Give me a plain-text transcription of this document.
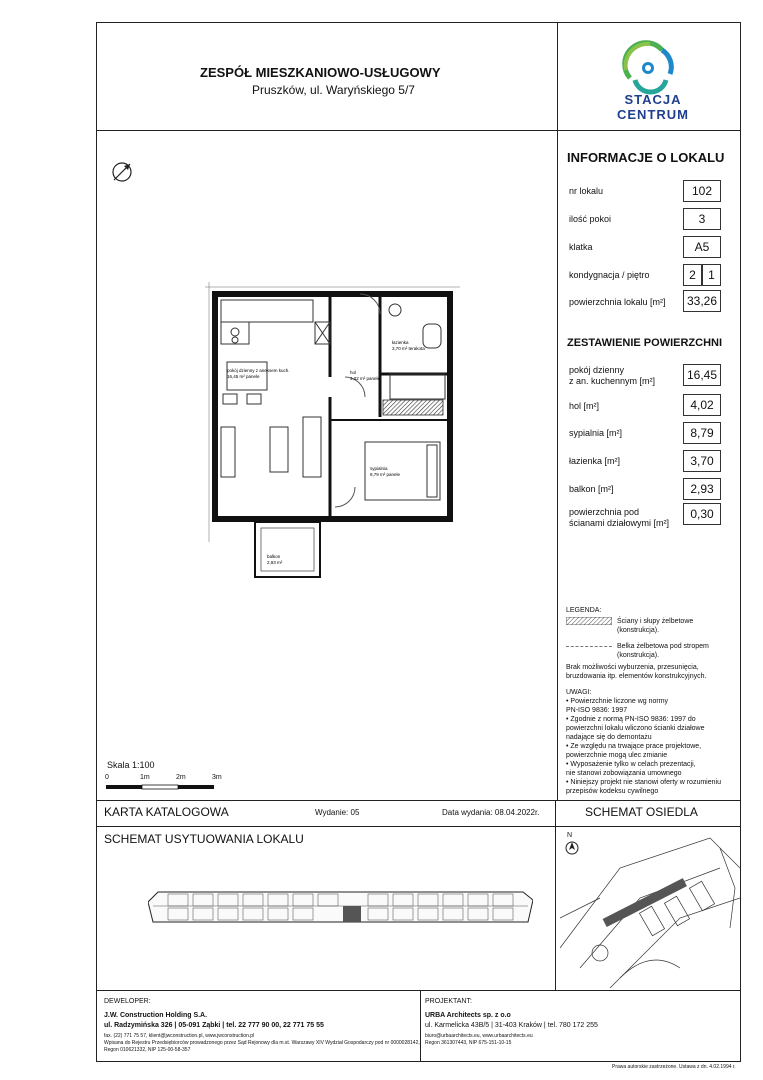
ZESPÓŁ MIESZKANIOWO-USŁUGOWY
Pruszków, ul. Waryńskiego 5/7
STACJA CENTRUM
INFORMACJE O LOKALU
nr lokalu	102
ilość pokoi	3
klatka	A5
kondygnacja / piętro	2	1
powierzchnia lokalu [m²]	33,26
ZESTAWIENIE POWIERZCHNI
pokój dzienny
z an. kuchennym [m²]	16,45
hol [m²]	4,02
sypialnia [m²]	8,79
łazienka [m²]	3,70
balkon [m²]	2,93
powierzchnia pod
ścianami działowymi [m²]
0,30
LEGENDA:
Ściany i słupy żelbetowe
(konstrukcja).
Belka żelbetowa pod stropem
(konstrukcja).
Brak możliwości wyburzenia, przesunięcia,
bruzdowania itp. elementów konstrukcyjnych.
UWAGI:
• Powierzchnie liczone wg normy
PN-ISO 9836: 1997
• Zgodnie z normą PN-ISO 9836: 1997 do
powierzchni lokalu wliczono ścianki działowe
nadające się do demontażu
• Ze względu na trwające prace projektowe,
powierzchnie mogą ulec zmianie
• Wyposażenie tylko w celach prezentacji,
nie stanowi zobowiązania umownego
• Niniejszy projekt nie stanowi oferty w rozumieniu
przepisów kodeksu cywilnego
pokój dzienny z aneksem kuch.
16,45 m² panele
łazienka
3,70 m² terakota
hol
4,02 m² panele
sypialnia
8,79 m² panele
balkon
2,93 m²
Skala 1:100
0	1m	2m	3m
KARTA KATALOGOWA	Wydanie: 05	Data wydania: 08.04.2022r.	SCHEMAT OSIEDLA
SCHEMAT USYTUOWANIA LOKALU	N
DEWELOPER:
J.W. Construction Holding S.A.
ul. Radzymińska 326 | 05-091 Ząbki | tel. 22 777 90 00, 22 771 75 55
fax. (22) 771 75 57, klient@jwconstruction.pl, www.jwconstruction.pl
Wpisana do Rejestru Przedsiębiorców prowadzonego przez Sąd Rejonowy dla m.st. Warszawy XIV Wydział Gospodarczy pod nr 0000028142,
Regon 010621332, NIP 125-00-58-357
PROJEKTANT:
URBA Architects sp. z o.o
ul. Karmelicka 43B/5 | 31-403 Kraków | tel. 780 172 255
biuro@urbaarchitects.eu, www.urbaarchitects.eu
Regon 361307443, NIP 675-151-10-15
Prawa autorskie zastrzeżone. Ustawa z dn. 4.02.1994 r.
